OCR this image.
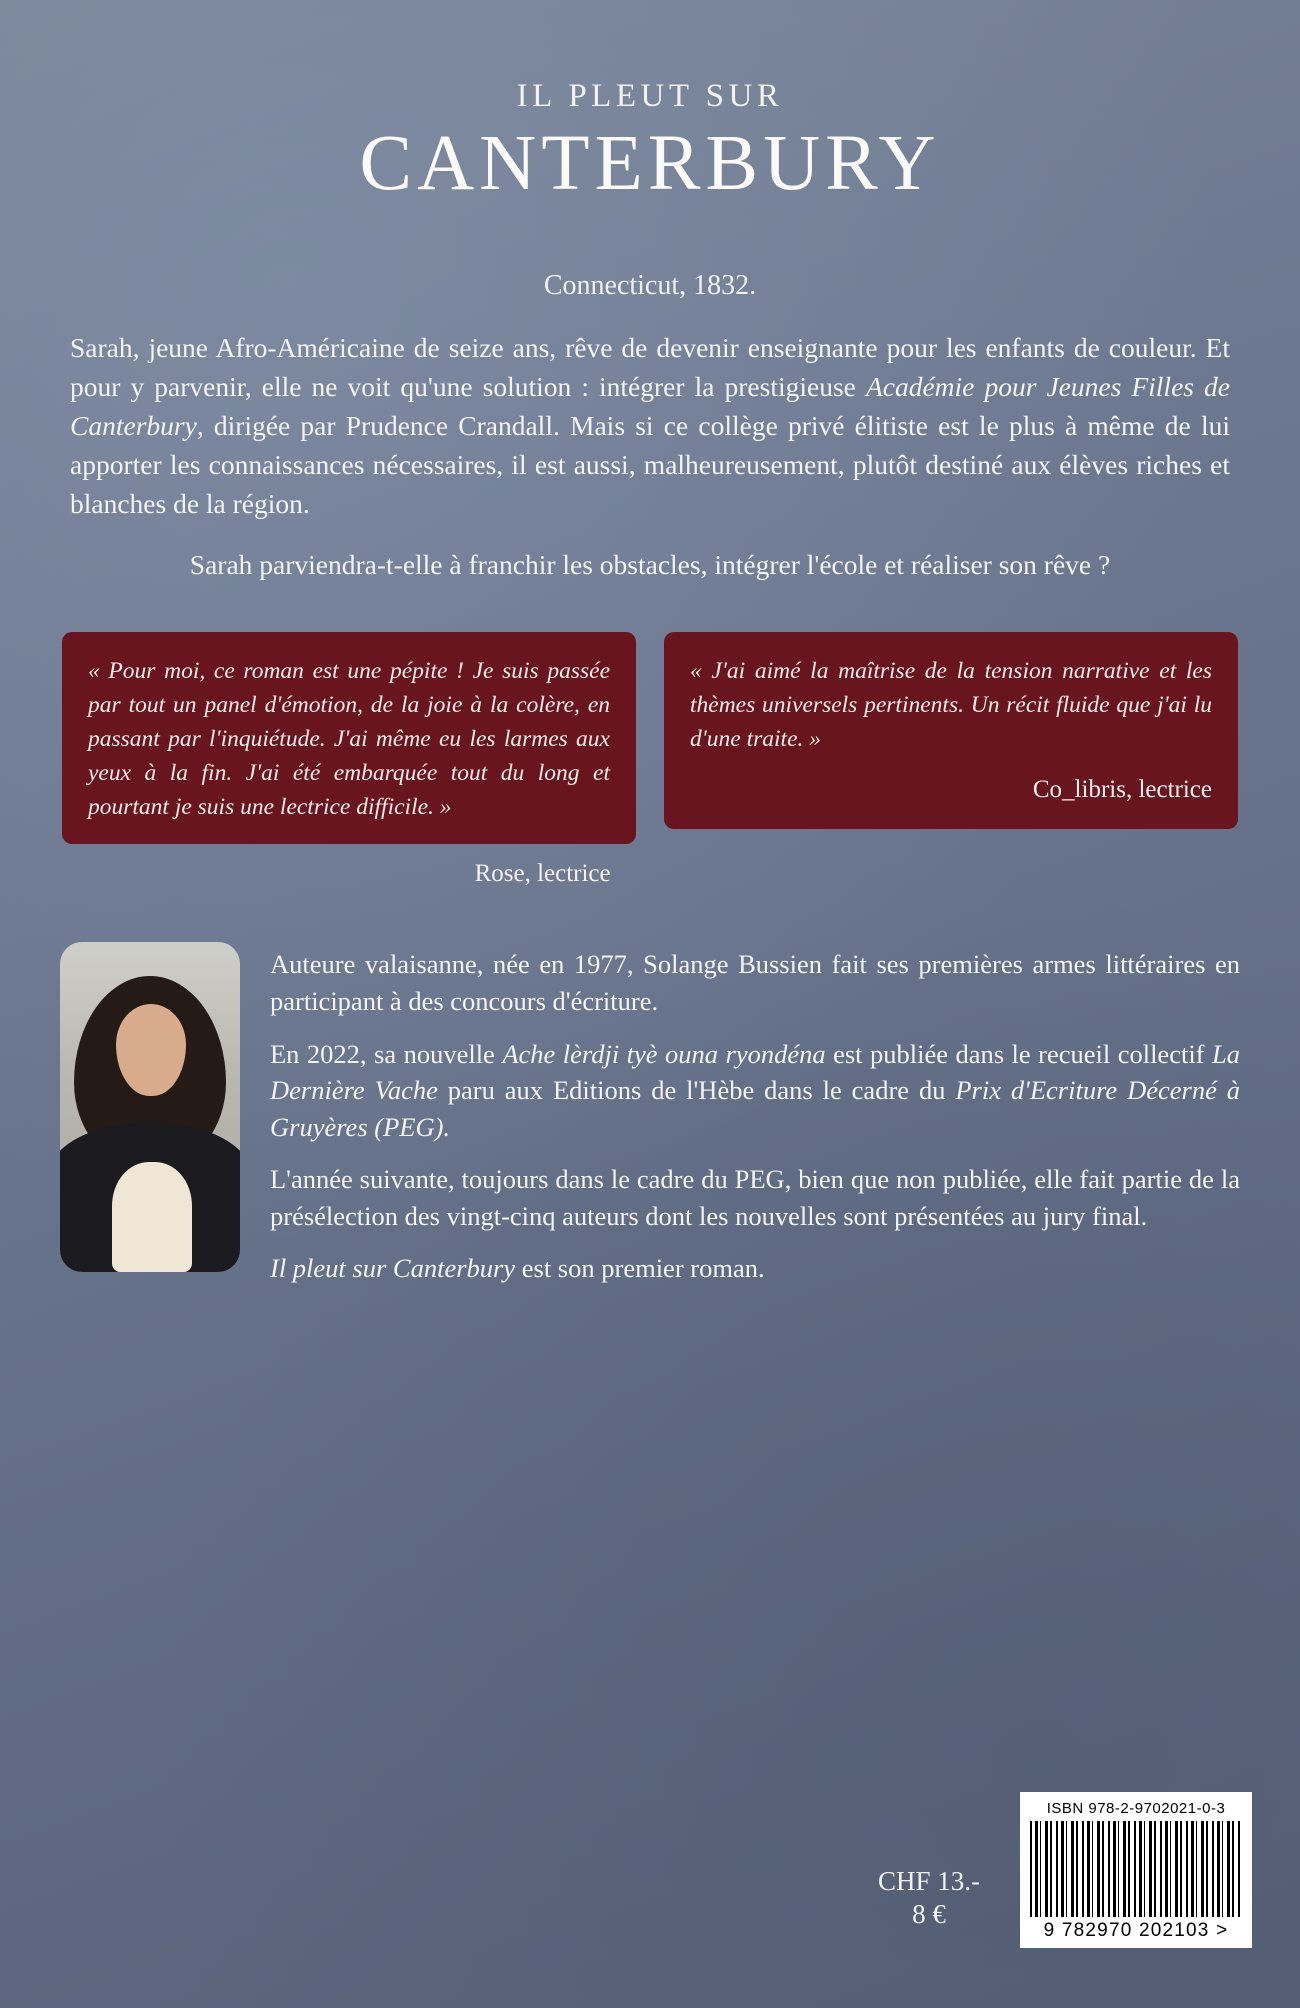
IL PLEUT SUR
CANTERBURY
Connecticut, 1832.

Sarah, jeune Afro-Américaine de seize ans, rêve de devenir enseignante pour les enfants de couleur. Et pour y parvenir, elle ne voit qu'une solution : intégrer la prestigieuse Académie pour Jeunes Filles de Canterbury, dirigée par Prudence Crandall. Mais si ce collège privé élitiste est le plus à même de lui apporter les connaissances nécessaires, il est aussi, malheureusement, plutôt destiné aux élèves riches et blanches de la région.

Sarah parviendra-t-elle à franchir les obstacles, intégrer l'école et réaliser son rêve ?

« Pour moi, ce roman est une pépite ! Je suis passée par tout un panel d'émotion, de la joie à la colère, en passant par l'inquiétude. J'ai même eu les larmes aux yeux à la fin. J'ai été embarquée tout du long et pourtant je suis une lectrice difficile. »

« J'ai aimé la maîtrise de la tension narrative et les thèmes universels pertinents. Un récit fluide que j'ai lu d'une traite. »

Co_libris, lectrice
Rose, lectrice

Auteure valaisanne, née en 1977, Solange Bussien fait ses premières armes littéraires en participant à des concours d'écriture.

En 2022, sa nouvelle Ache lèrdji tyè ouna ryondéna est publiée dans le recueil collectif La Dernière Vache paru aux Editions de l'Hèbe dans le cadre du Prix d'Ecriture Décerné à Gruyères (PEG).

L'année suivante, toujours dans le cadre du PEG, bien que non publiée, elle fait partie de la présélection des vingt-cinq auteurs dont les nouvelles sont présentées au jury final.

Il pleut sur Canterbury est son premier roman.

CHF 13.-
8 €
ISBN 978-2-9702021-0-3
9 782970 202103 >
